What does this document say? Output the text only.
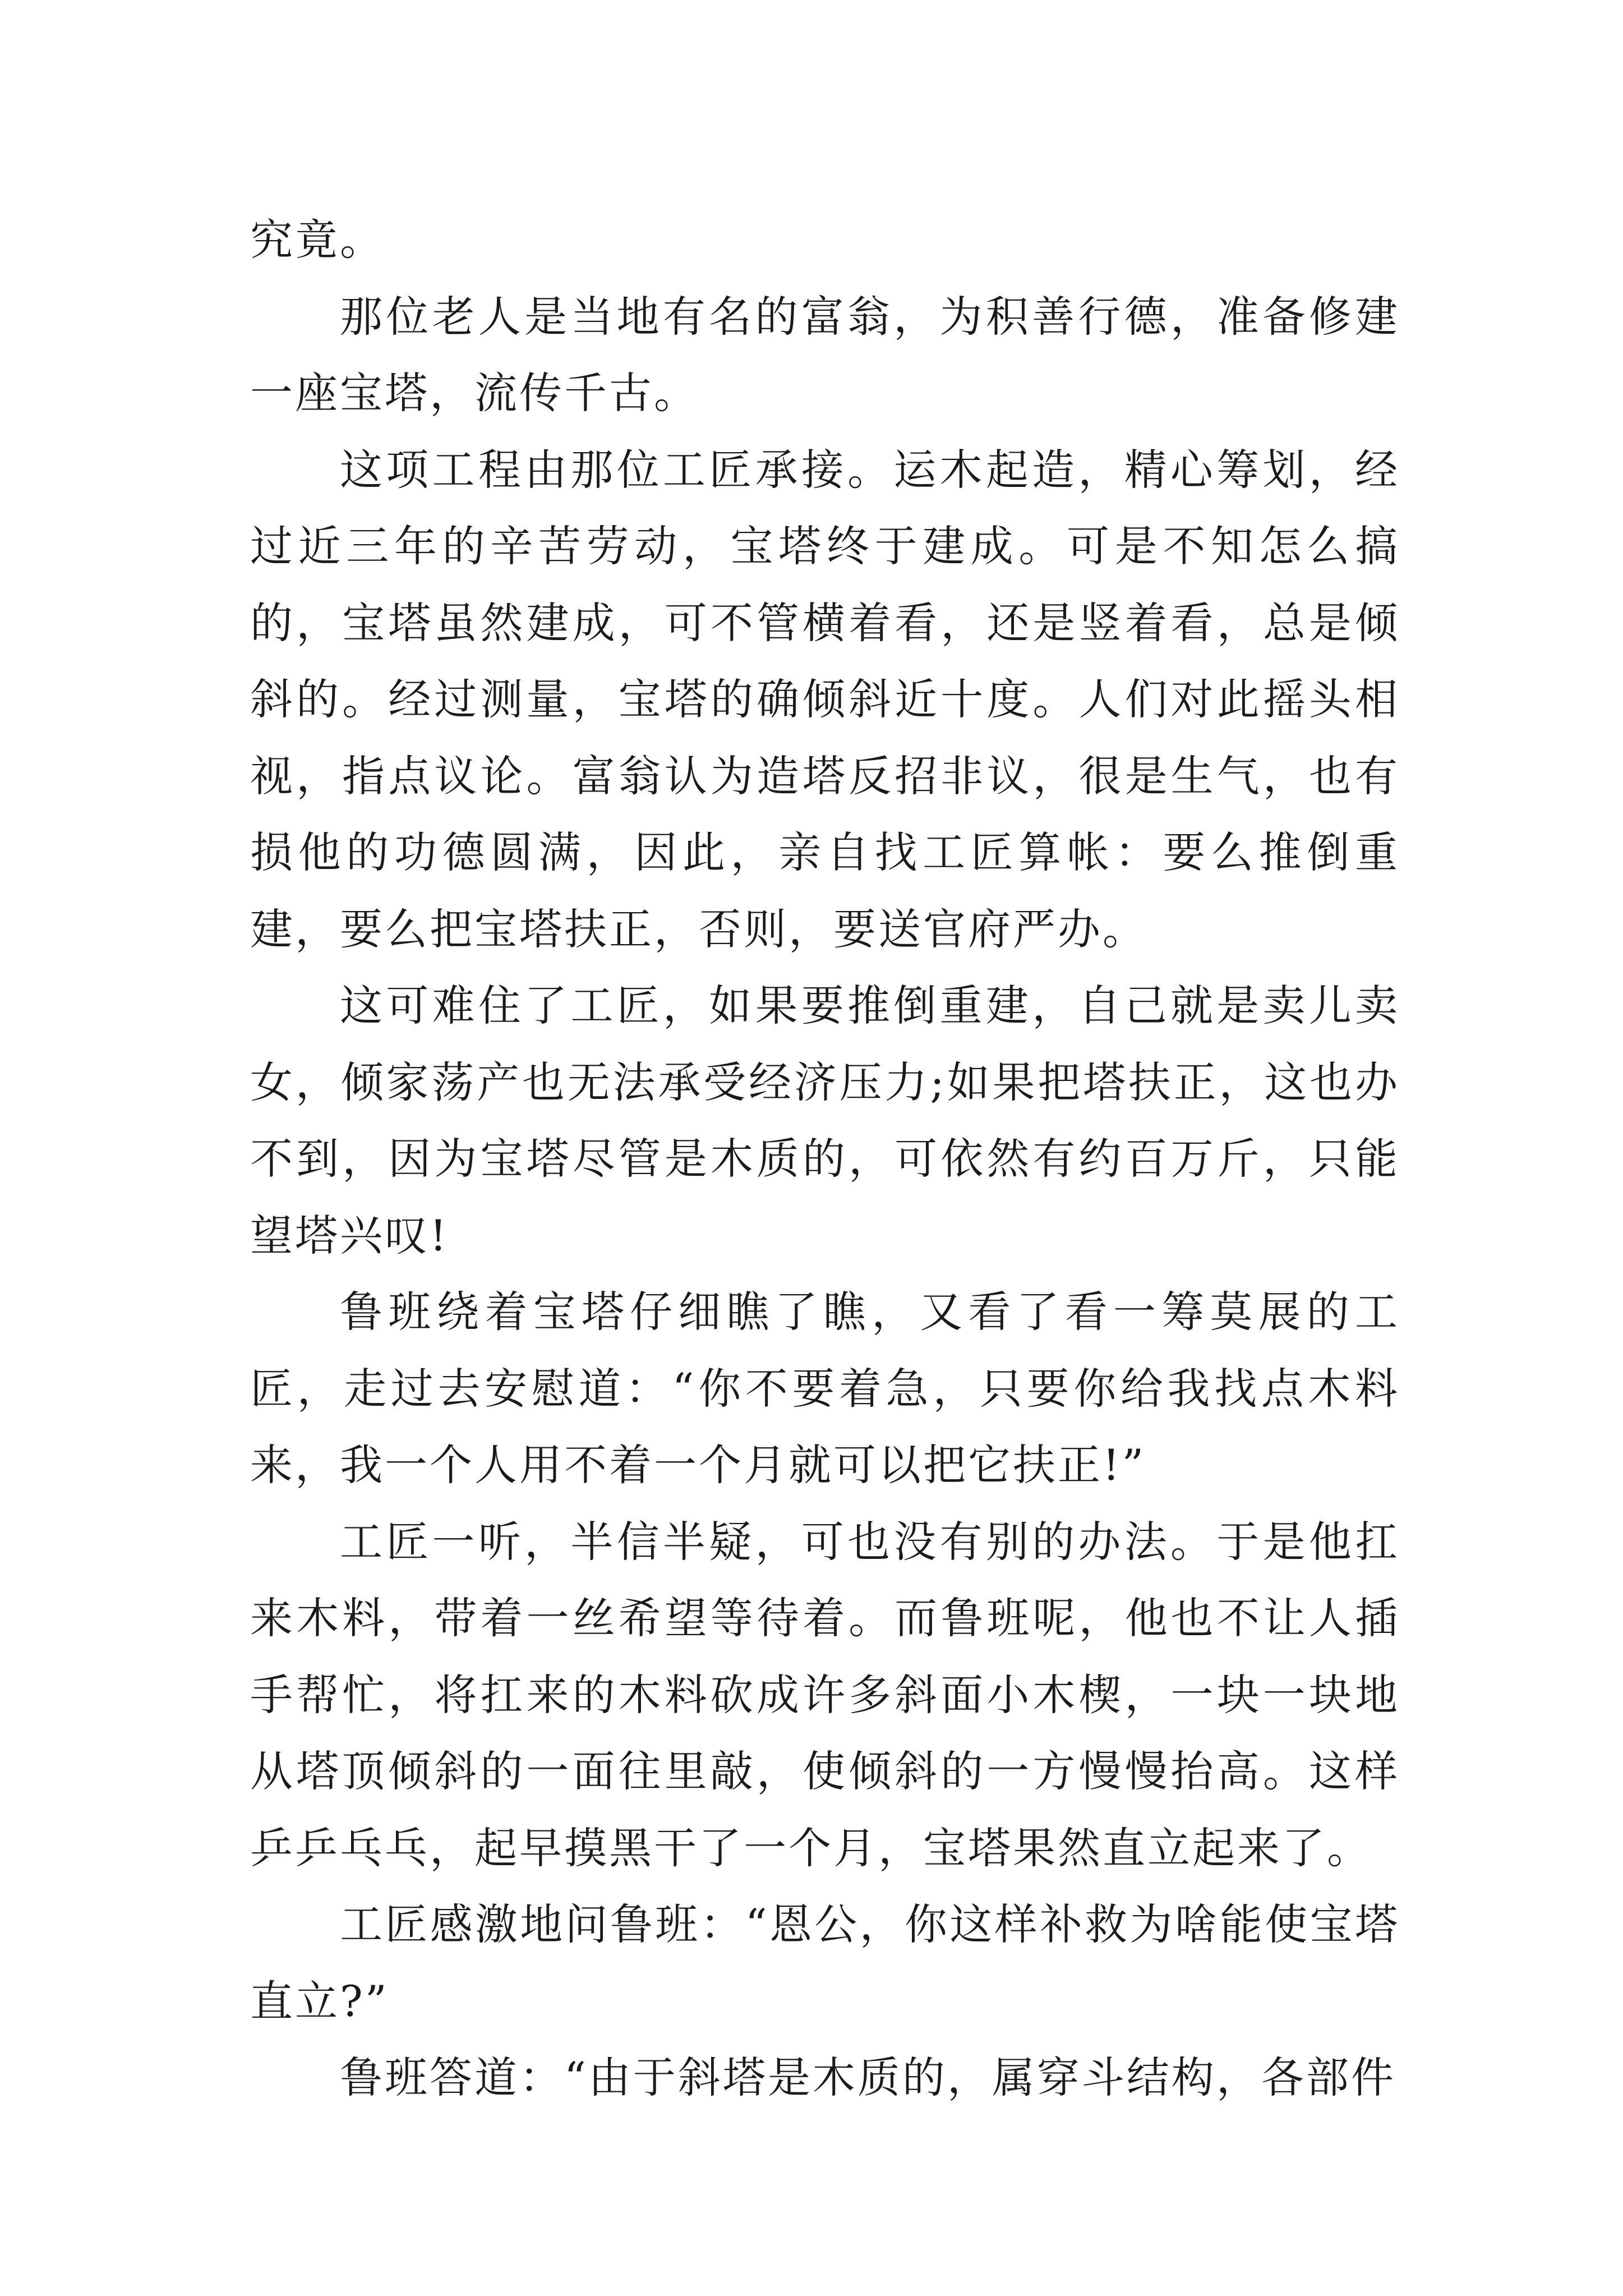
究竟。

那位老人是当地有名的富翁，为积善行德，准备修建一座宝塔，流传千古。

这项工程由那位工匠承接。运木起造，精心筹划，经过近三年的辛苦劳动，宝塔终于建成。可是不知怎么搞的，宝塔虽然建成，可不管横着看，还是竖着看，总是倾斜的。经过测量，宝塔的确倾斜近十度。人们对此摇头相视，指点议论。富翁认为造塔反招非议，很是生气，也有损他的功德圆满，因此，亲自找工匠算帐：要么推倒重建，要么把宝塔扶正，否则，要送官府严办。

这可难住了工匠，如果要推倒重建，自己就是卖儿卖女，倾家荡产也无法承受经济压力;如果把塔扶正，这也办不到，因为宝塔尽管是木质的，可依然有约百万斤，只能望塔兴叹!

鲁班绕着宝塔仔细瞧了瞧，又看了看一筹莫展的工匠，走过去安慰道：“你不要着急，只要你给我找点木料来，我一个人用不着一个月就可以把它扶正!”

工匠一听，半信半疑，可也没有别的办法。于是他扛来木料，带着一丝希望等待着。而鲁班呢，他也不让人插手帮忙，将扛来的木料砍成许多斜面小木楔，一块一块地从塔顶倾斜的一面往里敲，使倾斜的一方慢慢抬高。这样乒乒乓乓，起早摸黑干了一个月，宝塔果然直立起来了。

工匠感激地问鲁班：“恩公，你这样补救为啥能使宝塔直立?”

鲁班答道：“由于斜塔是木质的，属穿斗结构，各部件
